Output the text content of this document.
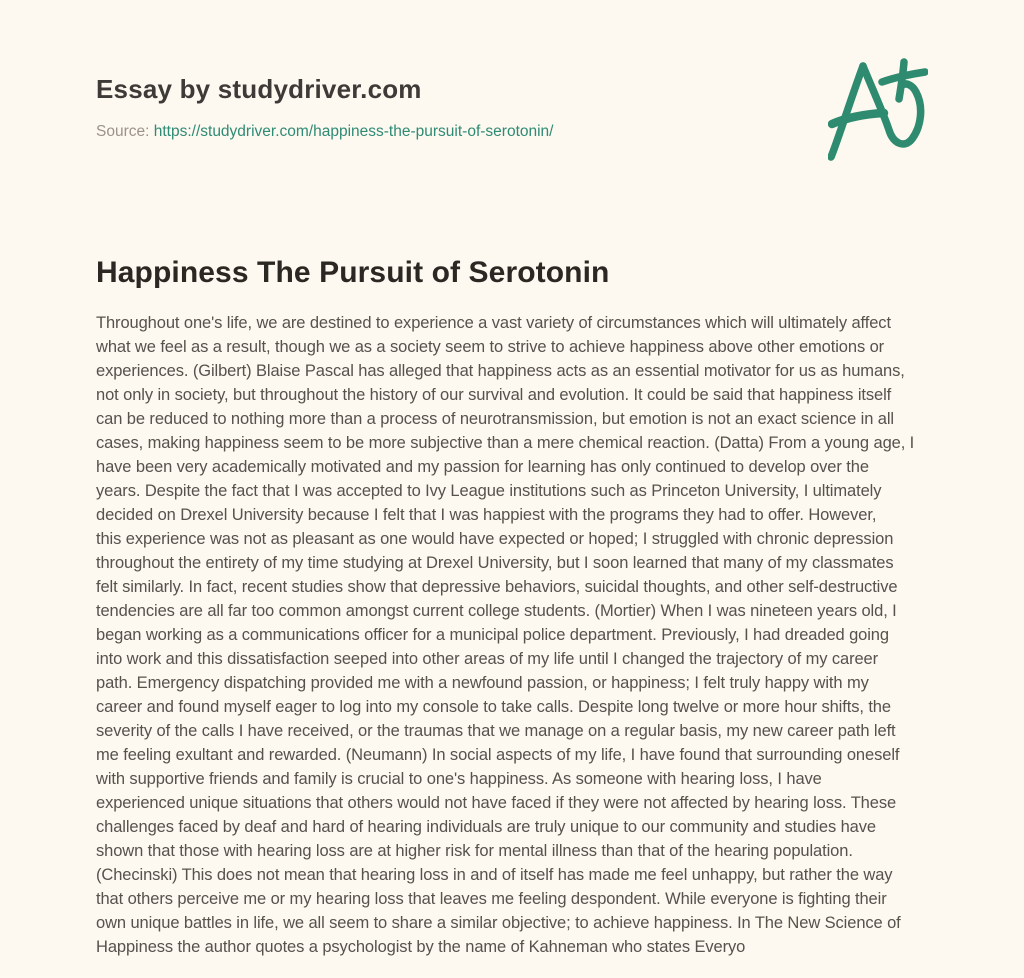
Essay by studydriver.com

Source: https://studydriver.com/happiness-the-pursuit-of-serotonin/

Happiness The Pursuit of Serotonin
Throughout one's life, we are destined to experience a vast variety of circumstances which will ultimately affect
what we feel as a result, though we as a society seem to strive to achieve happiness above other emotions or
experiences. (Gilbert) Blaise Pascal has alleged that happiness acts as an essential motivator for us as humans,
not only in society, but throughout the history of our survival and evolution. It could be said that happiness itself
can be reduced to nothing more than a process of neurotransmission, but emotion is not an exact science in all
cases, making happiness seem to be more subjective than a mere chemical reaction. (Datta) From a young age, I
have been very academically motivated and my passion for learning has only continued to develop over the
years. Despite the fact that I was accepted to Ivy League institutions such as Princeton University, I ultimately
decided on Drexel University because I felt that I was happiest with the programs they had to offer. However,
this experience was not as pleasant as one would have expected or hoped; I struggled with chronic depression
throughout the entirety of my time studying at Drexel University, but I soon learned that many of my classmates
felt similarly. In fact, recent studies show that depressive behaviors, suicidal thoughts, and other self-destructive
tendencies are all far too common amongst current college students. (Mortier) When I was nineteen years old, I
began working as a communications officer for a municipal police department. Previously, I had dreaded going
into work and this dissatisfaction seeped into other areas of my life until I changed the trajectory of my career
path. Emergency dispatching provided me with a newfound passion, or happiness; I felt truly happy with my
career and found myself eager to log into my console to take calls. Despite long twelve or more hour shifts, the
severity of the calls I have received, or the traumas that we manage on a regular basis, my new career path left
me feeling exultant and rewarded. (Neumann) In social aspects of my life, I have found that surrounding oneself
with supportive friends and family is crucial to one's happiness. As someone with hearing loss, I have
experienced unique situations that others would not have faced if they were not affected by hearing loss. These
challenges faced by deaf and hard of hearing individuals are truly unique to our community and studies have
shown that those with hearing loss are at higher risk for mental illness than that of the hearing population.
(Checinski) This does not mean that hearing loss in and of itself has made me feel unhappy, but rather the way
that others perceive me or my hearing loss that leaves me feeling despondent. While everyone is fighting their
own unique battles in life, we all seem to share a similar objective; to achieve happiness. In The New Science of
Happiness the author quotes a psychologist by the name of Kahneman who states Everyo
